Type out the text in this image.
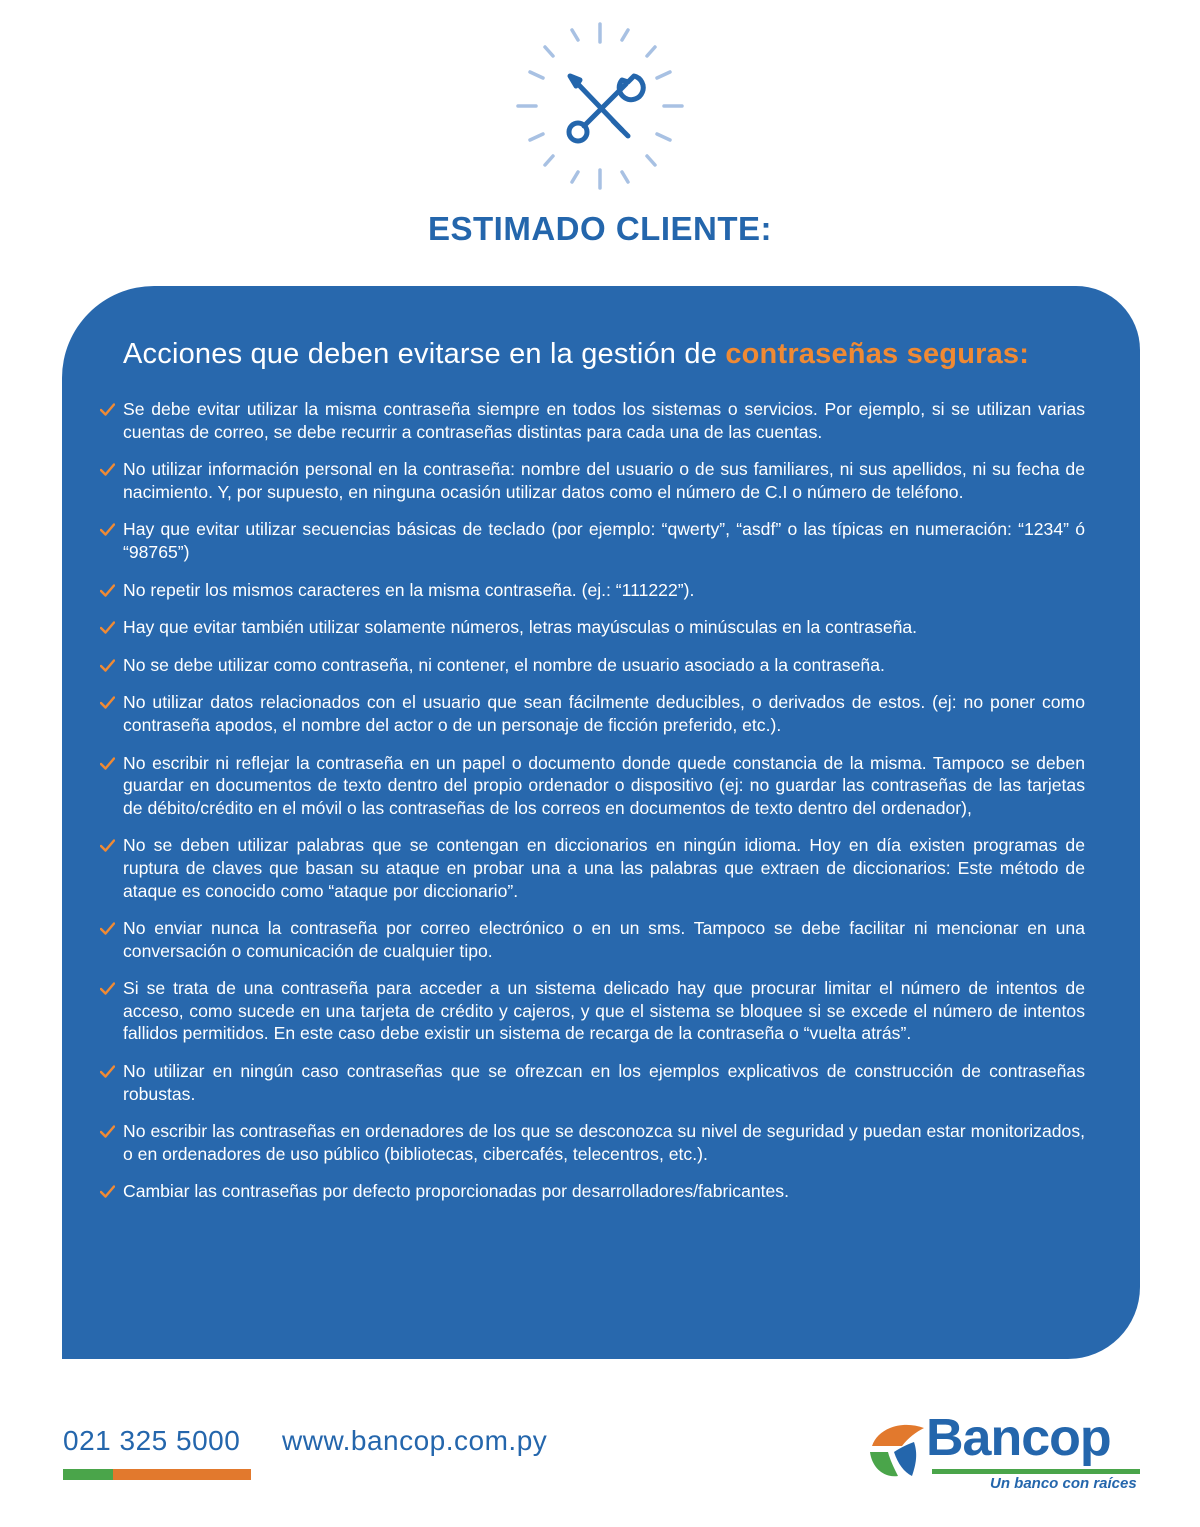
ESTIMADO CLIENTE:
Acciones que deben evitarse en la gestión de contraseñas seguras:
Se debe evitar utilizar la misma contraseña siempre en todos los sistemas o servicios. Por ejemplo, si se utilizan varias cuentas de correo, se debe recurrir a contraseñas distintas para cada una de las cuentas.
No utilizar información personal en la contraseña: nombre del usuario o de sus familiares, ni sus apellidos, ni su fecha de nacimiento. Y, por supuesto, en ninguna ocasión utilizar datos como el número de C.I o número de teléfono.
Hay que evitar utilizar secuencias básicas de teclado (por ejemplo: “qwerty”, “asdf” o las típicas en numeración: “1234” ó “98765”)
No repetir los mismos caracteres en la misma contraseña. (ej.: “111222”).
Hay que evitar también utilizar solamente números, letras mayúsculas o minúsculas en la contraseña.
No se debe utilizar como contraseña, ni contener, el nombre de usuario asociado a la contraseña.
No utilizar datos relacionados con el usuario que sean fácilmente deducibles, o derivados de estos. (ej: no poner como contraseña apodos, el nombre del actor o de un personaje de ficción preferido, etc.).
No escribir ni reflejar la contraseña en un papel o documento donde quede constancia de la misma. Tampoco se deben guardar en documentos de texto dentro del propio ordenador o dispositivo (ej: no guardar las contraseñas de las tarjetas de débito/crédito en el móvil o las contraseñas de los correos en documentos de texto dentro del ordenador),
No se deben utilizar palabras que se contengan en diccionarios en ningún idioma. Hoy en día existen programas de ruptura de claves que basan su ataque en probar una a una las palabras que extraen de diccionarios: Este método de ataque es conocido como “ataque por diccionario”.
No enviar nunca la contraseña por correo electrónico o en un sms. Tampoco se debe facilitar ni mencionar en una conversación o comunicación de cualquier tipo.
Si se trata de una contraseña para acceder a un sistema delicado hay que procurar limitar el número de intentos de acceso, como sucede en una tarjeta de crédito y cajeros, y que el sistema se bloquee si se excede el número de intentos fallidos permitidos. En este caso debe existir un sistema de recarga de la contraseña o “vuelta atrás”.
No utilizar en ningún caso contraseñas que se ofrezcan en los ejemplos explicativos de construcción de contraseñas robustas.
No escribir las contraseñas en ordenadores de los que se desconozca su nivel de seguridad y puedan estar monitorizados, o en ordenadores de uso público (bibliotecas, cibercafés, telecentros, etc.).
Cambiar las contraseñas por defecto proporcionadas por desarrolladores/fabricantes.
021 325 5000 www.bancop.com.py	Bancop
Un banco con raíces
